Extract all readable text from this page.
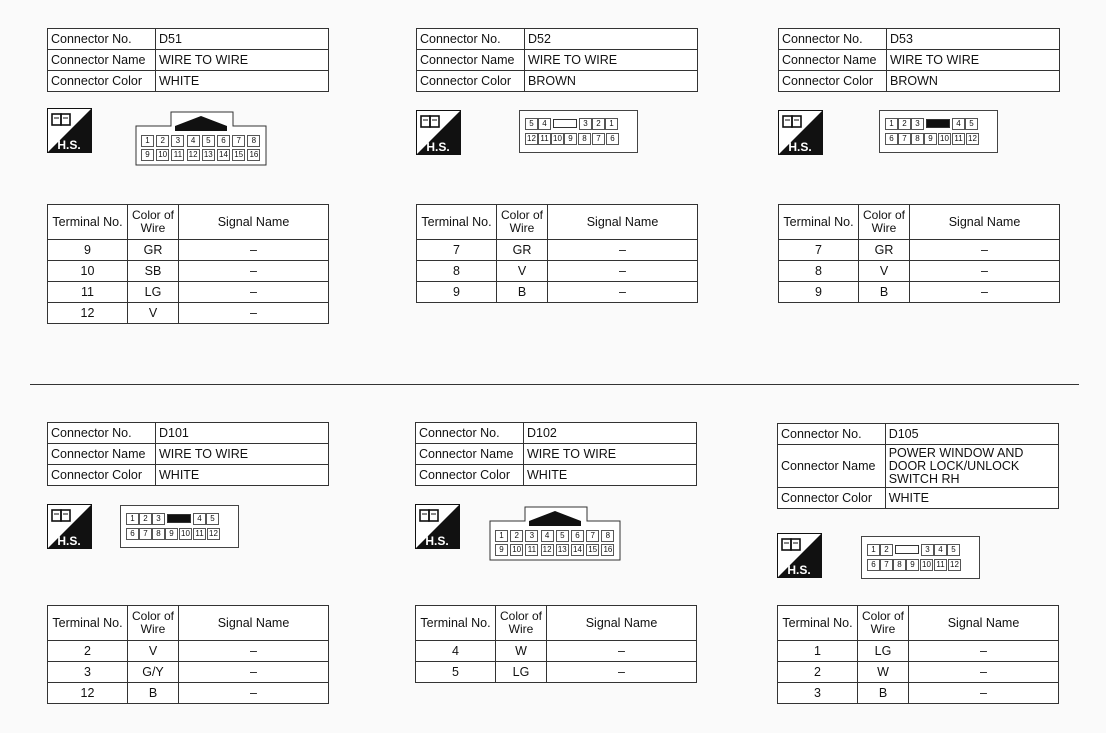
Connector No.	D51
Connector Name	WIRE TO WIRE
Connector Color	WHITE
H.S.	1	2	3	4	5	6	7	8
9	10 11 12 13 14 15 16
Terminal No.	Color of Wire	Signal Name
9	GR	–
10	SB	–
11	LG	–
12	V	–
Connector No.	D52
Connector Name	WIRE TO WIRE
Connector Color	BROWN
H.S.
5	4	3	2	1
12 11 10 9	8	7	6
Terminal No.	Color of Wire	Signal Name
7	GR	–
8	V	–
9	B	–
Connector No.	D53
Connector Name	WIRE TO WIRE
Connector Color	BROWN
H.S.
1	2	3	4	5
6	7	8	9 10 11 12
Terminal No.	Color of Wire	Signal Name
7	GR	–
8	V	–
9	B	–
Connector No.	D101
Connector Name	WIRE TO WIRE
Connector Color	WHITE
H.S.
1	2	3	4	5
6	7	8	9 10 11 12
Terminal No.	Color of Wire	Signal Name
2	V	–
3	G/Y	–
12	B	–
Connector No.	D102
Connector Name	WIRE TO WIRE
Connector Color	WHITE
H.S.	1	2	3	4	5	6	7	8
9	10 11 12 13 14 15 16
Terminal No.	Color of Wire	Signal Name
4	W	–
5	LG	–
Connector No.	D105
Connector Name	POWER WINDOW AND DOOR LOCK/UNLOCK SWITCH RH
Connector Color	WHITE
H.S.
1	2	3	4	5
6	7	8	9 10 11 12
Terminal No.	Color of Wire	Signal Name
1	LG	–
2	W	–
3	B	–
